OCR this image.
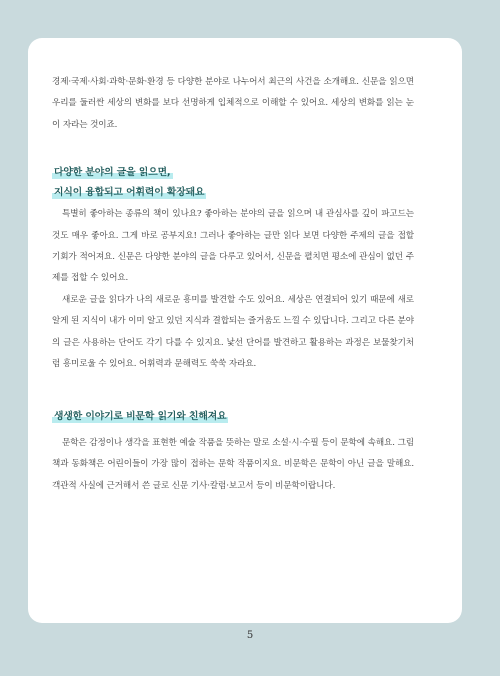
경제·국제·사회·과학·문화·환경 등 다양한 분야로 나누어서 최근의 사건을 소개해요. 신문을 읽으면 우리를 둘러싼 세상의 변화를 보다 선명하게 입체적으로 이해할 수 있어요. 세상의 변화를 읽는 눈이 자라는 것이죠.

다양한 분야의 글을 읽으면,
지식이 융합되고 어휘력이 확장돼요

특별히 좋아하는 종류의 책이 있나요? 좋아하는 분야의 글을 읽으며 내 관심사를 깊이 파고드는 것도 매우 좋아요. 그게 바로 공부지요! 그러나 좋아하는 글만 읽다 보면 다양한 주제의 글을 접할 기회가 적어져요. 신문은 다양한 분야의 글을 다루고 있어서, 신문을 펼치면 평소에 관심이 없던 주제를 접할 수 있어요.

새로운 글을 읽다가 나의 새로운 흥미를 발견할 수도 있어요. 세상은 연결되어 있기 때문에 새로 알게 된 지식이 내가 이미 알고 있던 지식과 결합되는 즐거움도 느낄 수 있답니다. 그리고 다른 분야의 글은 사용하는 단어도 각기 다를 수 있지요. 낯선 단어를 발견하고 활용하는 과정은 보물찾기처럼 흥미로울 수 있어요. 어휘력과 문해력도 쑥쑥 자라요.

생생한 이야기로 비문학 읽기와 친해져요

문학은 감정이나 생각을 표현한 예술 작품을 뜻하는 말로 소설·시·수필 등이 문학에 속해요. 그림책과 동화책은 어린이들이 가장 많이 접하는 문학 작품이지요. 비문학은 문학이 아닌 글을 말해요. 객관적 사실에 근거해서 쓴 글로 신문 기사·칼럼·보고서 등이 비문학이랍니다.

5
